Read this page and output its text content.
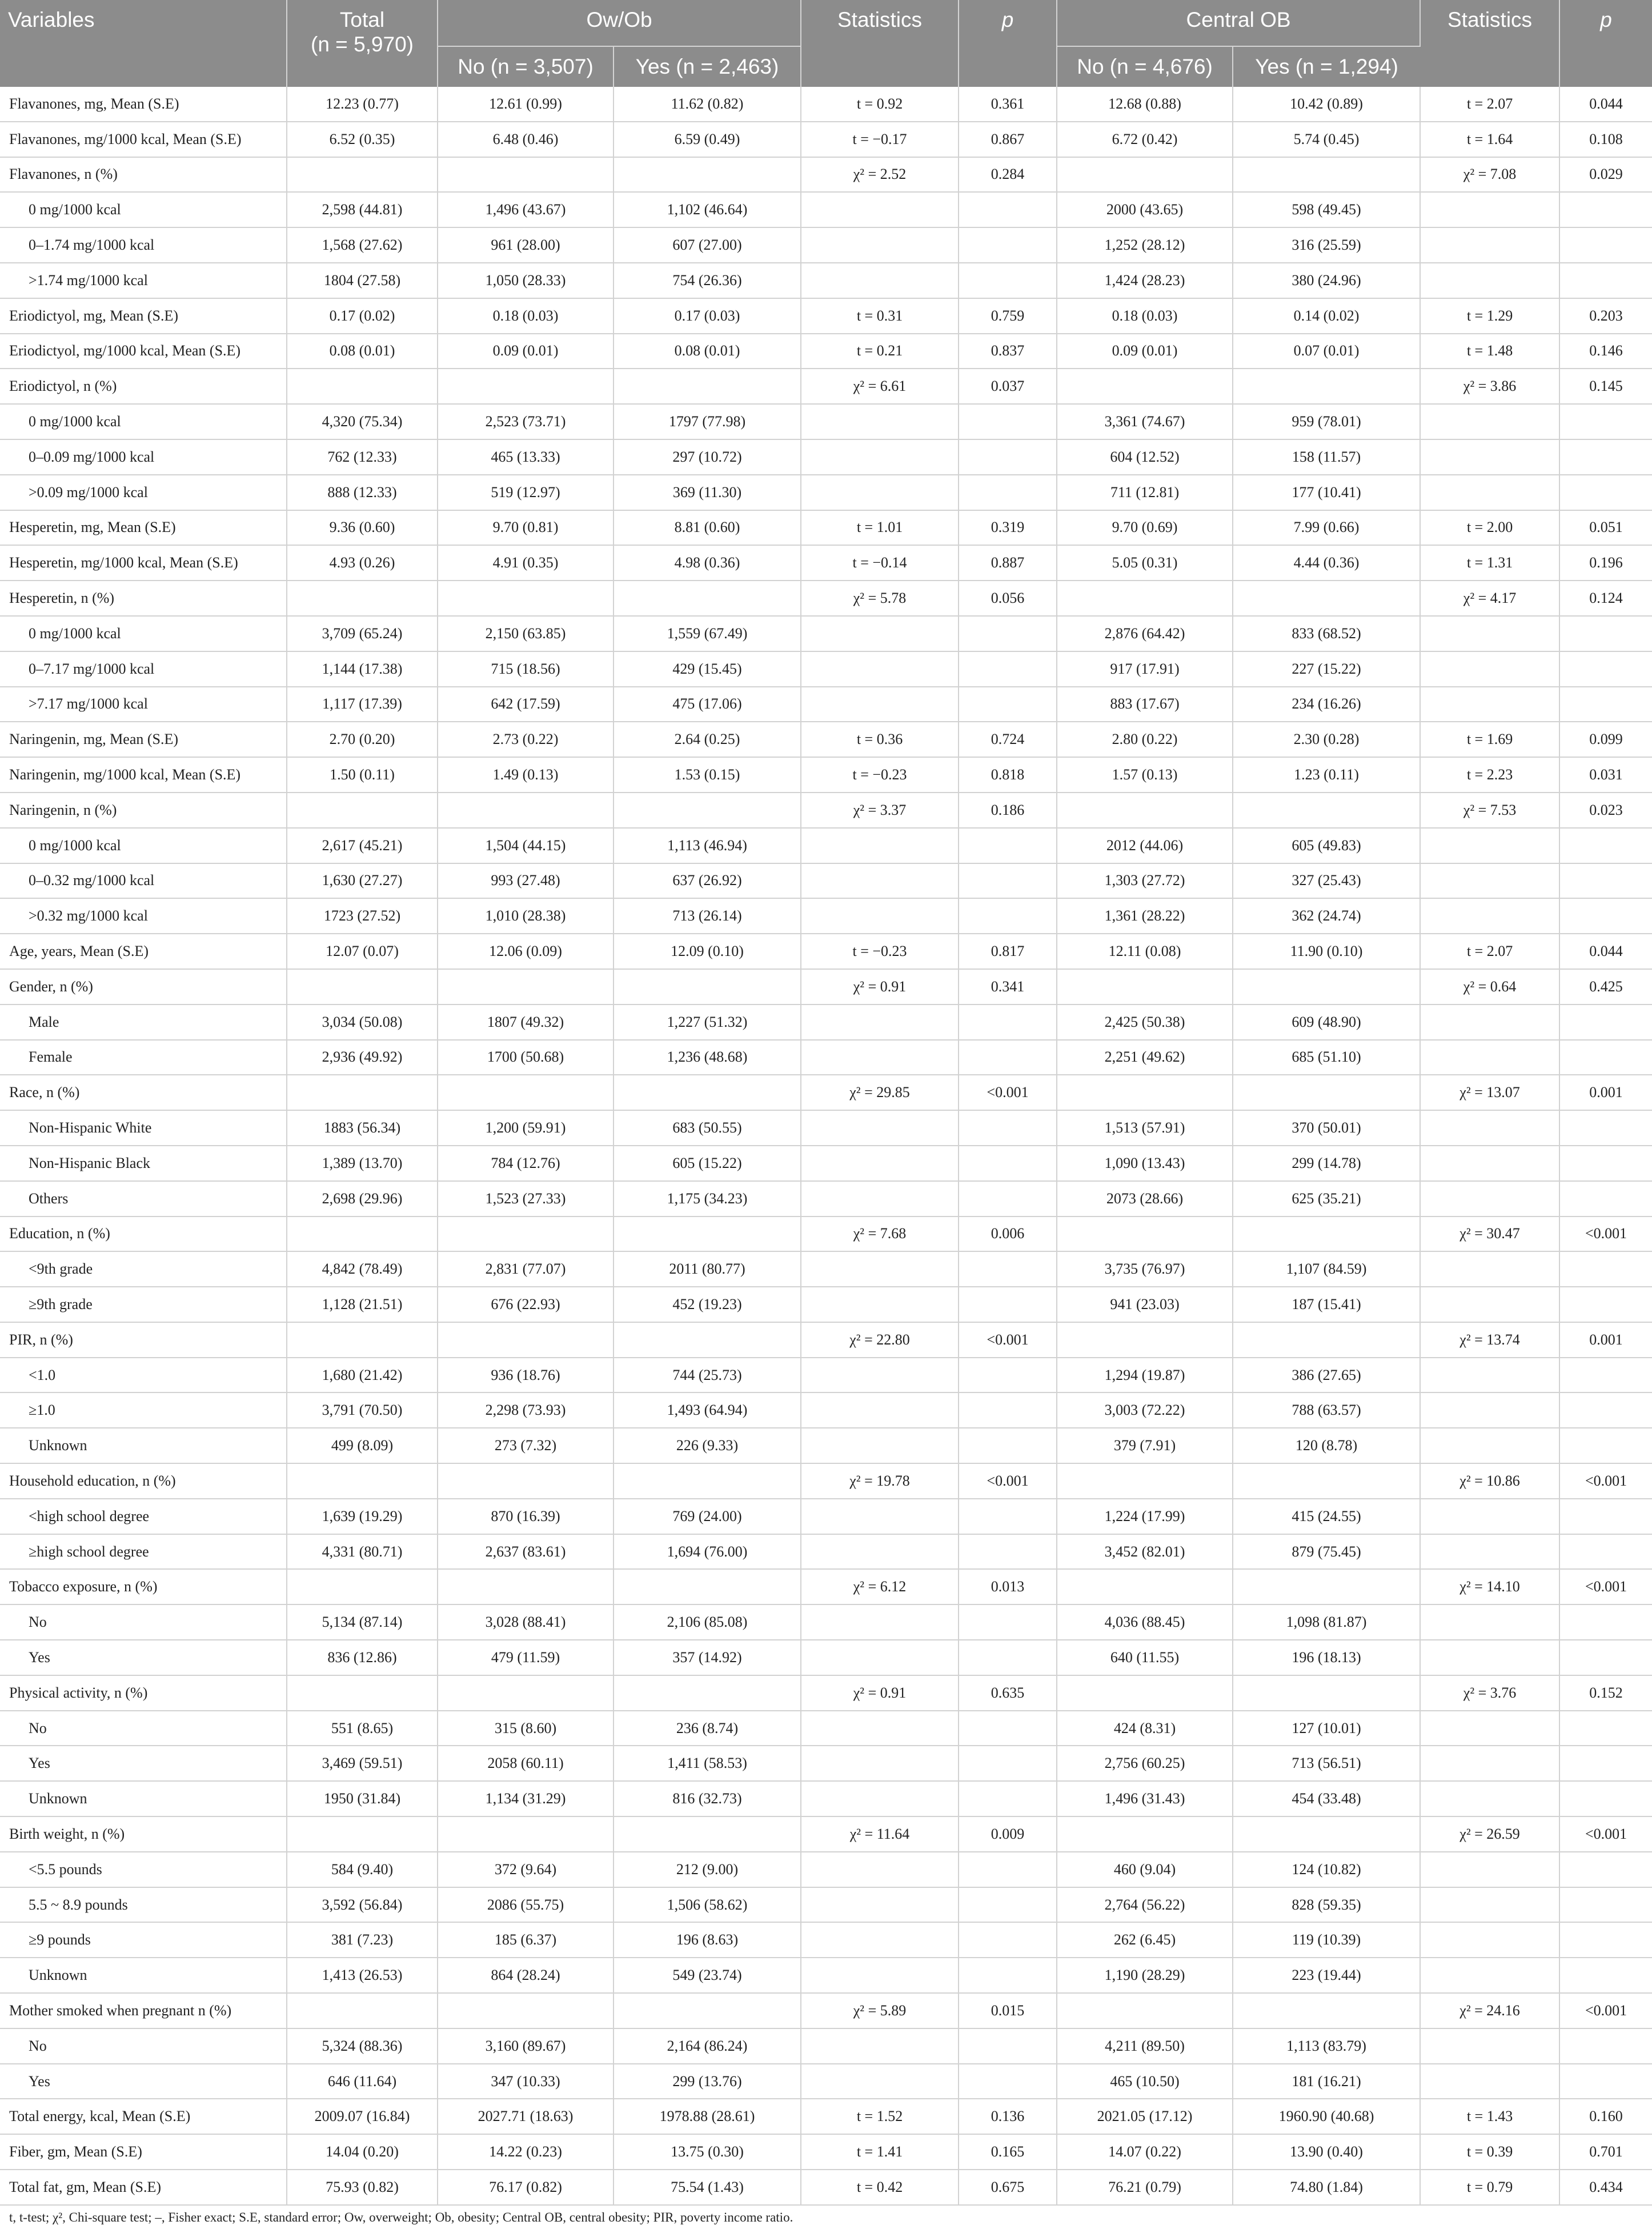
Variables	Total
(n = 5,970)	Ow/Ob		Statistics	p	Central OB		Statistics	p
		No (n = 3,507)	Yes (n = 2,463)			No (n = 4,676)	Yes (n = 1,294)		
Flavanones, mg, Mean (S.E)	12.23 (0.77)	12.61 (0.99)	11.62 (0.82)	t = 0.92	0.361	12.68 (0.88)	10.42 (0.89)	t = 2.07	0.044
Flavanones, mg/1000 kcal, Mean (S.E)	6.52 (0.35)	6.48 (0.46)	6.59 (0.49)	t = −0.17	0.867	6.72 (0.42)	5.74 (0.45)	t = 1.64	0.108
Flavanones, n (%)				χ² = 2.52	0.284			χ² = 7.08	0.029
0 mg/1000 kcal	2,598 (44.81)	1,496 (43.67)	1,102 (46.64)			2000 (43.65)	598 (49.45)		
0–1.74 mg/1000 kcal	1,568 (27.62)	961 (28.00)	607 (27.00)			1,252 (28.12)	316 (25.59)		
>1.74 mg/1000 kcal	1804 (27.58)	1,050 (28.33)	754 (26.36)			1,424 (28.23)	380 (24.96)		
Eriodictyol, mg, Mean (S.E)	0.17 (0.02)	0.18 (0.03)	0.17 (0.03)	t = 0.31	0.759	0.18 (0.03)	0.14 (0.02)	t = 1.29	0.203
Eriodictyol, mg/1000 kcal, Mean (S.E)	0.08 (0.01)	0.09 (0.01)	0.08 (0.01)	t = 0.21	0.837	0.09 (0.01)	0.07 (0.01)	t = 1.48	0.146
Eriodictyol, n (%)				χ² = 6.61	0.037			χ² = 3.86	0.145
0 mg/1000 kcal	4,320 (75.34)	2,523 (73.71)	1797 (77.98)			3,361 (74.67)	959 (78.01)		
0–0.09 mg/1000 kcal	762 (12.33)	465 (13.33)	297 (10.72)			604 (12.52)	158 (11.57)		
>0.09 mg/1000 kcal	888 (12.33)	519 (12.97)	369 (11.30)			711 (12.81)	177 (10.41)		
Hesperetin, mg, Mean (S.E)	9.36 (0.60)	9.70 (0.81)	8.81 (0.60)	t = 1.01	0.319	9.70 (0.69)	7.99 (0.66)	t = 2.00	0.051
Hesperetin, mg/1000 kcal, Mean (S.E)	4.93 (0.26)	4.91 (0.35)	4.98 (0.36)	t = −0.14	0.887	5.05 (0.31)	4.44 (0.36)	t = 1.31	0.196
Hesperetin, n (%)				χ² = 5.78	0.056			χ² = 4.17	0.124
0 mg/1000 kcal	3,709 (65.24)	2,150 (63.85)	1,559 (67.49)			2,876 (64.42)	833 (68.52)		
0–7.17 mg/1000 kcal	1,144 (17.38)	715 (18.56)	429 (15.45)			917 (17.91)	227 (15.22)		
>7.17 mg/1000 kcal	1,117 (17.39)	642 (17.59)	475 (17.06)			883 (17.67)	234 (16.26)		
Naringenin, mg, Mean (S.E)	2.70 (0.20)	2.73 (0.22)	2.64 (0.25)	t = 0.36	0.724	2.80 (0.22)	2.30 (0.28)	t = 1.69	0.099
Naringenin, mg/1000 kcal, Mean (S.E)	1.50 (0.11)	1.49 (0.13)	1.53 (0.15)	t = −0.23	0.818	1.57 (0.13)	1.23 (0.11)	t = 2.23	0.031
Naringenin, n (%)				χ² = 3.37	0.186			χ² = 7.53	0.023
0 mg/1000 kcal	2,617 (45.21)	1,504 (44.15)	1,113 (46.94)			2012 (44.06)	605 (49.83)		
0–0.32 mg/1000 kcal	1,630 (27.27)	993 (27.48)	637 (26.92)			1,303 (27.72)	327 (25.43)		
>0.32 mg/1000 kcal	1723 (27.52)	1,010 (28.38)	713 (26.14)			1,361 (28.22)	362 (24.74)		
Age, years, Mean (S.E)	12.07 (0.07)	12.06 (0.09)	12.09 (0.10)	t = −0.23	0.817	12.11 (0.08)	11.90 (0.10)	t = 2.07	0.044
Gender, n (%)				χ² = 0.91	0.341			χ² = 0.64	0.425
Male	3,034 (50.08)	1807 (49.32)	1,227 (51.32)			2,425 (50.38)	609 (48.90)		
Female	2,936 (49.92)	1700 (50.68)	1,236 (48.68)			2,251 (49.62)	685 (51.10)		
Race, n (%)				χ² = 29.85	<0.001			χ² = 13.07	0.001
Non-Hispanic White	1883 (56.34)	1,200 (59.91)	683 (50.55)			1,513 (57.91)	370 (50.01)		
Non-Hispanic Black	1,389 (13.70)	784 (12.76)	605 (15.22)			1,090 (13.43)	299 (14.78)		
Others	2,698 (29.96)	1,523 (27.33)	1,175 (34.23)			2073 (28.66)	625 (35.21)		
Education, n (%)				χ² = 7.68	0.006			χ² = 30.47	<0.001
<9th grade	4,842 (78.49)	2,831 (77.07)	2011 (80.77)			3,735 (76.97)	1,107 (84.59)		
≥9th grade	1,128 (21.51)	676 (22.93)	452 (19.23)			941 (23.03)	187 (15.41)		
PIR, n (%)				χ² = 22.80	<0.001			χ² = 13.74	0.001
<1.0	1,680 (21.42)	936 (18.76)	744 (25.73)			1,294 (19.87)	386 (27.65)		
≥1.0	3,791 (70.50)	2,298 (73.93)	1,493 (64.94)			3,003 (72.22)	788 (63.57)		
Unknown	499 (8.09)	273 (7.32)	226 (9.33)			379 (7.91)	120 (8.78)		
Household education, n (%)				χ² = 19.78	<0.001			χ² = 10.86	<0.001
<high school degree	1,639 (19.29)	870 (16.39)	769 (24.00)			1,224 (17.99)	415 (24.55)		
≥high school degree	4,331 (80.71)	2,637 (83.61)	1,694 (76.00)			3,452 (82.01)	879 (75.45)		
Tobacco exposure, n (%)				χ² = 6.12	0.013			χ² = 14.10	<0.001
No	5,134 (87.14)	3,028 (88.41)	2,106 (85.08)			4,036 (88.45)	1,098 (81.87)		
Yes	836 (12.86)	479 (11.59)	357 (14.92)			640 (11.55)	196 (18.13)		
Physical activity, n (%)				χ² = 0.91	0.635			χ² = 3.76	0.152
No	551 (8.65)	315 (8.60)	236 (8.74)			424 (8.31)	127 (10.01)		
Yes	3,469 (59.51)	2058 (60.11)	1,411 (58.53)			2,756 (60.25)	713 (56.51)		
Unknown	1950 (31.84)	1,134 (31.29)	816 (32.73)			1,496 (31.43)	454 (33.48)		
Birth weight, n (%)				χ² = 11.64	0.009			χ² = 26.59	<0.001
<5.5 pounds	584 (9.40)	372 (9.64)	212 (9.00)			460 (9.04)	124 (10.82)		
5.5 ~ 8.9 pounds	3,592 (56.84)	2086 (55.75)	1,506 (58.62)			2,764 (56.22)	828 (59.35)		
≥9 pounds	381 (7.23)	185 (6.37)	196 (8.63)			262 (6.45)	119 (10.39)		
Unknown	1,413 (26.53)	864 (28.24)	549 (23.74)			1,190 (28.29)	223 (19.44)		
Mother smoked when pregnant n (%)				χ² = 5.89	0.015			χ² = 24.16	<0.001
No	5,324 (88.36)	3,160 (89.67)	2,164 (86.24)			4,211 (89.50)	1,113 (83.79)		
Yes	646 (11.64)	347 (10.33)	299 (13.76)			465 (10.50)	181 (16.21)		
Total energy, kcal, Mean (S.E)	2009.07 (16.84)	2027.71 (18.63)	1978.88 (28.61)	t = 1.52	0.136	2021.05 (17.12)	1960.90 (40.68)	t = 1.43	0.160
Fiber, gm, Mean (S.E)	14.04 (0.20)	14.22 (0.23)	13.75 (0.30)	t = 1.41	0.165	14.07 (0.22)	13.90 (0.40)	t = 0.39	0.701
Total fat, gm, Mean (S.E)	75.93 (0.82)	76.17 (0.82)	75.54 (1.43)	t = 0.42	0.675	76.21 (0.79)	74.80 (1.84)	t = 0.79	0.434
t, t-test; χ², Chi-square test; –, Fisher exact; S.E, standard error; Ow, overweight; Ob, obesity; Central OB, central obesity; PIR, poverty income ratio.
